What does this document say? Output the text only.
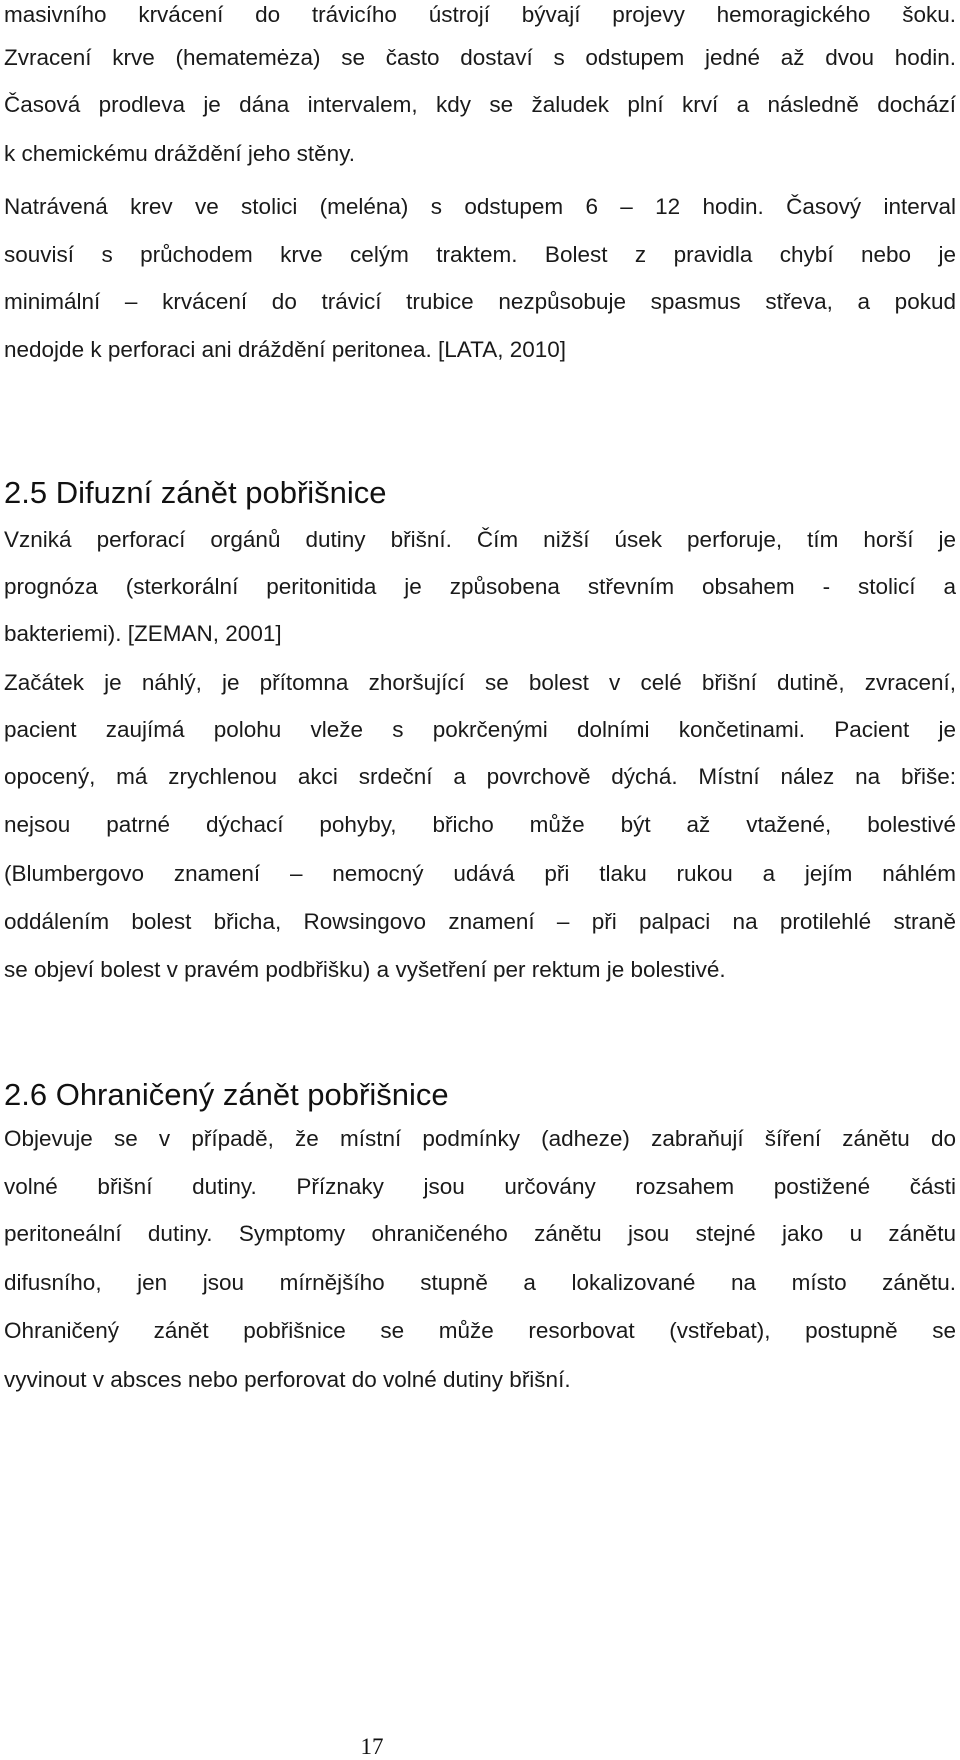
masivního krvácení do trávicího ústrojí bývají projevy hemoragického šoku.
Zvracení krve (hematemėza) se často dostaví s odstupem jedné až dvou hodin.
Časová prodleva je dána intervalem, kdy se žaludek plní krví a následně dochází
k chemickému dráždění jeho stěny.
Natrávená krev ve stolici (meléna) s odstupem 6 – 12 hodin. Časový interval
souvisí s průchodem krve celým traktem. Bolest z pravidla chybí nebo je
minimální – krvácení do trávicí trubice nezpůsobuje spasmus střeva, a pokud
nedojde k perforaci ani dráždění peritonea. [LATA, 2010]
2.5 Difuzní zánět pobřišnice
Vzniká perforací orgánů dutiny břišní. Čím nižší úsek perforuje, tím horší je
prognóza (sterkorální peritonitida je způsobena střevním obsahem - stolicí a
bakteriemi). [ZEMAN, 2001]
Začátek je náhlý, je přítomna zhoršující se bolest v celé břišní dutině, zvracení,
pacient zaujímá polohu vleže s pokrčenými dolními končetinami. Pacient je
opocený, má zrychlenou akci srdeční a povrchově dýchá. Místní nález na břiše:
nejsou patrné dýchací pohyby, břicho může být až vtažené, bolestivé
(Blumbergovo znamení – nemocný udává při tlaku rukou a jejím náhlém
oddálením bolest břicha, Rowsingovo znamení – při palpaci na protilehlé straně
se objeví bolest v pravém podbřišku) a vyšetření per rektum je bolestivé.
2.6 Ohraničený zánět pobřišnice
Objevuje se v případě, že místní podmínky (adheze) zabraňují šíření zánětu do
volné břišní dutiny. Příznaky jsou určovány rozsahem postižené části
peritoneální dutiny. Symptomy ohraničeného zánětu jsou stejné jako u zánětu
difusního, jen jsou mírnějšího stupně a lokalizované na místo zánětu.
Ohraničený zánět pobřišnice se může resorbovat (vstřebat), postupně se
vyvinout v absces nebo perforovat do volné dutiny břišní.
17
